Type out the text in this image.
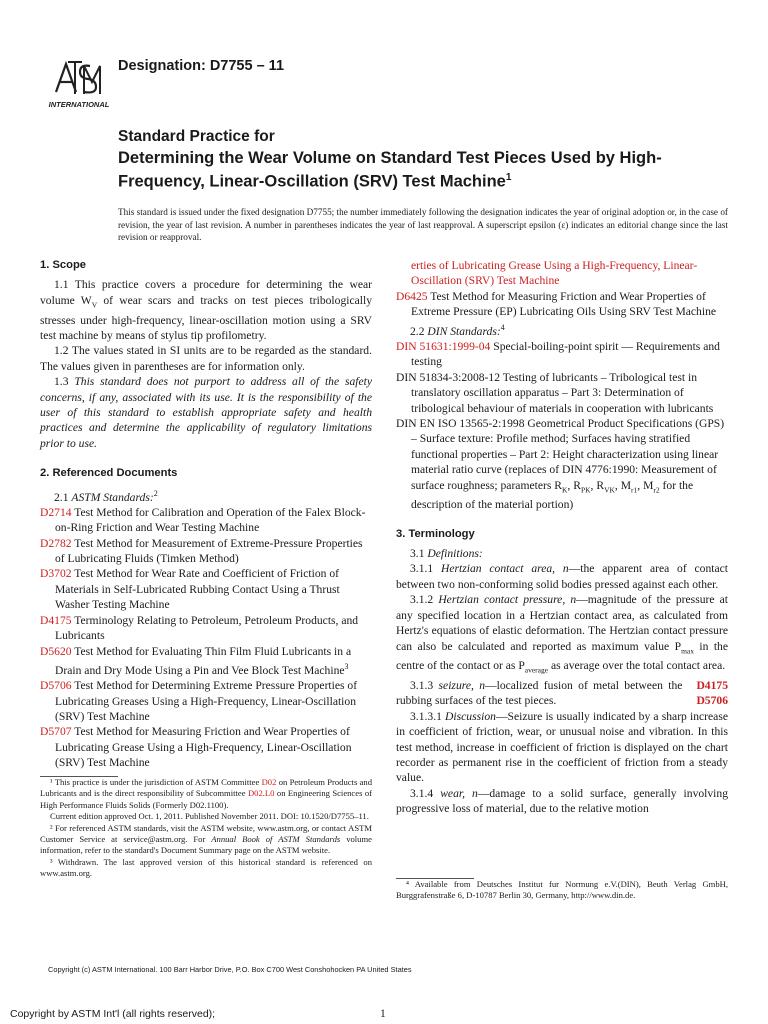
INTERNATIONAL
Designation: D7755 – 11
Standard Practice for
Determining the Wear Volume on Standard Test Pieces Used by High-Frequency, Linear-Oscillation (SRV) Test Machine$^1$
This standard is issued under the fixed designation D7755; the number immediately following the designation indicates the year of original adoption or, in the case of revision, the year of last revision. A number in parentheses indicates the year of last reapproval. A superscript epsilon (ε) indicates an editorial change since the last revision or reapproval.
1. Scope

1.1 This practice covers a procedure for determining the wear volume $W_V$ of wear scars and tracks on test pieces tribologically stresses under high-frequency, linear-oscillation motion using a SRV test machine by means of stylus tip profilometry.

1.2 The values stated in SI units are to be regarded as the standard. The values given in parentheses are for information only.

1.3 This standard does not purport to address all of the safety concerns, if any, associated with its use. It is the responsibility of the user of this standard to establish appropriate safety and health practices and determine the applicability of regulatory limitations prior to use.

2. Referenced Documents

2.1 ASTM Standards:$^2$

D2714 Test Method for Calibration and Operation of the Falex Block-on-Ring Friction and Wear Testing Machine

D2782 Test Method for Measurement of Extreme-Pressure Properties of Lubricating Fluids (Timken Method)

D3702 Test Method for Wear Rate and Coefficient of Friction of Materials in Self-Lubricated Rubbing Contact Using a Thrust Washer Testing Machine

D4175 Terminology Relating to Petroleum, Petroleum Products, and Lubricants

D5620 Test Method for Evaluating Thin Film Fluid Lubricants in a Drain and Dry Mode Using a Pin and Vee Block Test Machine$^3$

D5706 Test Method for Determining Extreme Pressure Properties of Lubricating Greases Using a High-Frequency, Linear-Oscillation (SRV) Test Machine

D5707 Test Method for Measuring Friction and Wear Properties of Lubricating Grease Using a High-Frequency, Linear-Oscillation (SRV) Test Machine

¹ This practice is under the jurisdiction of ASTM Committee D02 on Petroleum Products and Lubricants and is the direct responsibility of Subcommittee D02.L0 on Engineering Sciences of High Performance Fluids Solids (Formerly D02.1100).

Current edition approved Oct. 1, 2011. Published November 2011. DOI: 10.1520/D7755–11.

² For referenced ASTM standards, visit the ASTM website, www.astm.org, or contact ASTM Customer Service at service@astm.org. For Annual Book of ASTM Standards volume information, refer to the standard's Document Summary page on the ASTM website.

³ Withdrawn. The last approved version of this historical standard is referenced on www.astm.org.

erties of Lubricating Grease Using a High-Frequency, Linear-Oscillation (SRV) Test Machine

D6425 Test Method for Measuring Friction and Wear Properties of Extreme Pressure (EP) Lubricating Oils Using SRV Test Machine

2.2 DIN Standards:$^4$

DIN 51631:1999-04 Special-boiling-point spirit — Requirements and testing

DIN 51834-3:2008-12 Testing of lubricants – Tribological test in translatory oscillation apparatus – Part 3: Determination of tribological behaviour of materials in cooperation with lubricants

DIN EN ISO 13565-2:1998 Geometrical Product Specifications (GPS) – Surface texture: Profile method; Surfaces having stratified functional properties – Part 2: Height characterization using linear material ratio curve (replaces of DIN 4776:1990: Measurement of surface roughness; parameters $R_K$, $R_{PK}$, $R_{VK}$, $M_{r1}$, $M_{r2}$ for the description of the material portion)

3. Terminology

3.1 Definitions:

3.1.1 Hertzian contact area, n—the apparent area of contact between two non-conforming solid bodies pressed against each other.

3.1.2 Hertzian contact pressure, n—magnitude of the pressure at any specified location in a Hertzian contact area, as calculated from Hertz's equations of elastic deformation. The Hertzian contact pressure can also be calculated and reported as maximum value $P_{max}$ in the centre of the contact or as $P_{average}$ as average over the total contact area.
D4175

3.1.3 seizure, n—localized fusion of metal between the rubbing surfaces of the test pieces.	D5706

3.1.3.1 Discussion—Seizure is usually indicated by a sharp increase in coefficient of friction, wear, or unusual noise and vibration. In this test method, increase in coefficient of friction is displayed on the chart recorder as permanent rise in the coefficient of friction from a steady value.

3.1.4 wear, n—damage to a solid surface, generally involving progressive loss of material, due to the relative motion

⁴ Available from Deutsches Institut fur Normung e.V.(DIN), Beuth Verlag GmbH, Burggrafenstraße 6, D-10787 Berlin 30, Germany, http://www.din.de.

Copyright (c) ASTM International. 100 Barr Harbor Drive, P.O. Box C700 West Conshohocken PA United States
Copyright by ASTM Int'l (all rights reserved);	1
